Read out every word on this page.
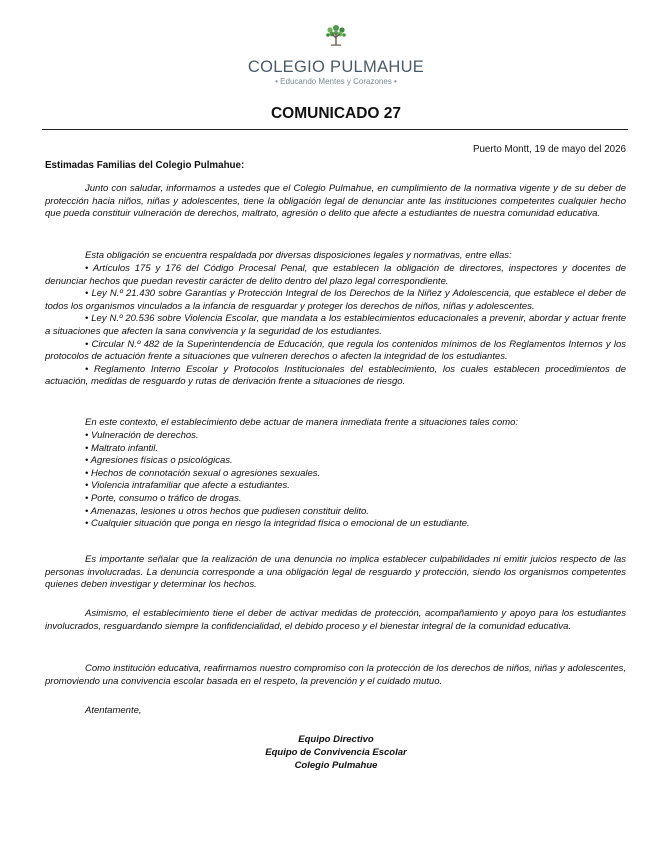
COLEGIO PULMAHUE
• Educando Mentes y Corazones •
COMUNICADO 27
Puerto Montt, 19 de mayo del 2026
Estimadas Familias del Colegio Pulmahue:
Junto con saludar, informamos a ustedes que el Colegio Pulmahue, en cumplimiento de la normativa vigente y de su deber de protección hacia niños, niñas y adolescentes, tiene la obligación legal de denunciar ante las instituciones competentes cualquier hecho que pueda constituir vulneración de derechos, maltrato, agresión o delito que afecte a estudiantes de nuestra comunidad educativa.
Esta obligación se encuentra respaldada por diversas disposiciones legales y normativas, entre ellas:
• Artículos 175 y 176 del Código Procesal Penal, que establecen la obligación de directores, inspectores y docentes de denunciar hechos que puedan revestir carácter de delito dentro del plazo legal correspondiente.
• Ley N.º 21.430 sobre Garantías y Protección Integral de los Derechos de la Niñez y Adolescencia, que establece el deber de todos los organismos vinculados a la infancia de resguardar y proteger los derechos de niños, niñas y adolescentes.
• Ley N.º 20.536 sobre Violencia Escolar, que mandata a los establecimientos educacionales a prevenir, abordar y actuar frente a situaciones que afecten la sana convivencia y la seguridad de los estudiantes.
• Circular N.º 482 de la Superintendencia de Educación, que regula los contenidos mínimos de los Reglamentos Internos y los protocolos de actuación frente a situaciones que vulneren derechos o afecten la integridad de los estudiantes.
• Reglamento Interno Escolar y Protocolos Institucionales del establecimiento, los cuales establecen procedimientos de actuación, medidas de resguardo y rutas de derivación frente a situaciones de riesgo.
En este contexto, el establecimiento debe actuar de manera inmediata frente a situaciones tales como:
• Vulneración de derechos.
• Maltrato infantil.
• Agresiones físicas o psicológicas.
• Hechos de connotación sexual o agresiones sexuales.
• Violencia intrafamiliar que afecte a estudiantes.
• Porte, consumo o tráfico de drogas.
• Amenazas, lesiones u otros hechos que pudiesen constituir delito.
• Cualquier situación que ponga en riesgo la integridad física o emocional de un estudiante.
Es importante señalar que la realización de una denuncia no implica establecer culpabilidades ni emitir juicios respecto de las personas involucradas. La denuncia corresponde a una obligación legal de resguardo y protección, siendo los organismos competentes quienes deben investigar y determinar los hechos.
Asimismo, el establecimiento tiene el deber de activar medidas de protección, acompañamiento y apoyo para los estudiantes involucrados, resguardando siempre la confidencialidad, el debido proceso y el bienestar integral de la comunidad educativa.
Como institución educativa, reafirmamos nuestro compromiso con la protección de los derechos de niños, niñas y adolescentes, promoviendo una convivencia escolar basada en el respeto, la prevención y el cuidado mutuo.
Atentamente,
Equipo Directivo
Equipo de Convivencia Escolar
Colegio Pulmahue
